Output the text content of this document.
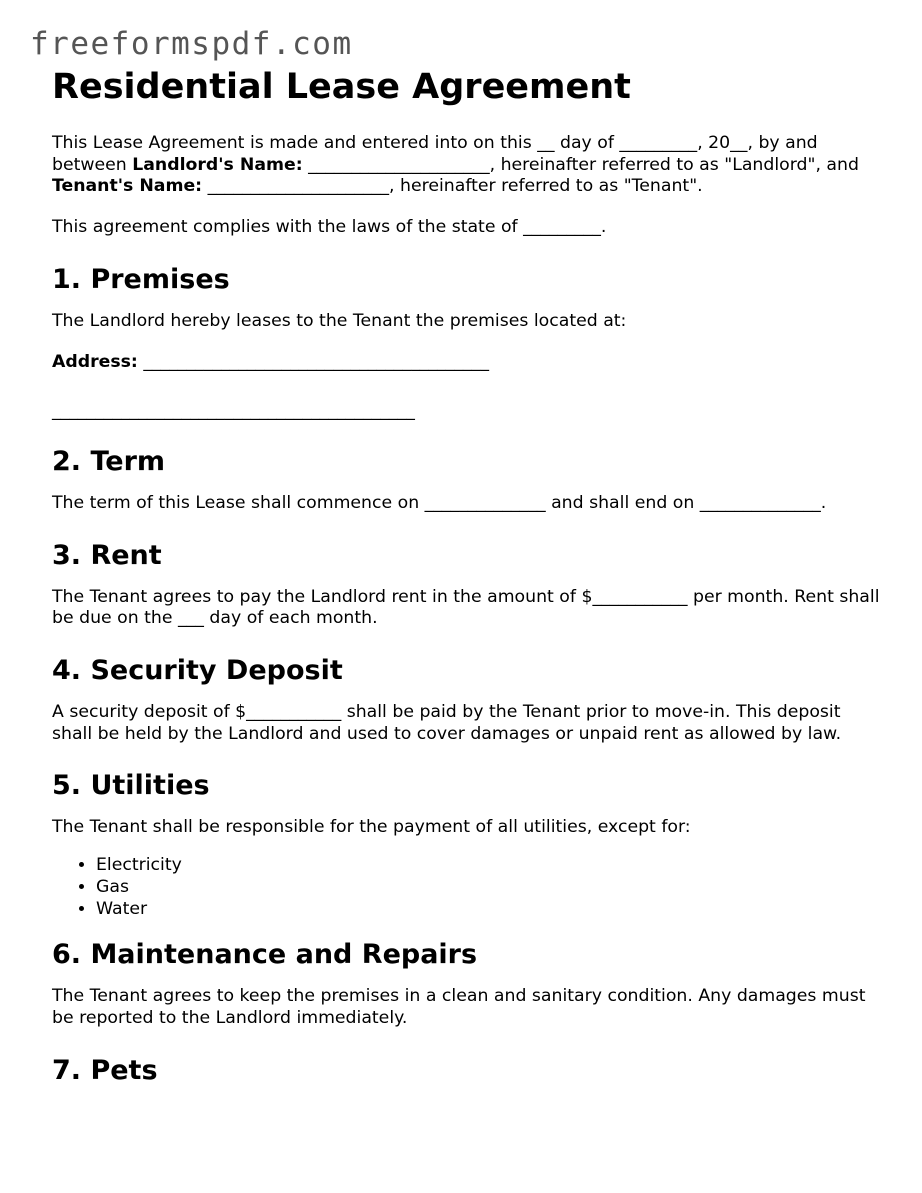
freeformspdf.com
Residential Lease Agreement

This Lease Agreement is made and entered into on this __ day of _________, 20__, by and between Landlord's Name: _____________________, hereinafter referred to as "Landlord", and Tenant's Name: _____________________, hereinafter referred to as "Tenant".

This agreement complies with the laws of the state of _________.

1. Premises

The Landlord hereby leases to the Tenant the premises located at:

Address: ________________________________________

__________________________________________

2. Term

The term of this Lease shall commence on ______________ and shall end on ______________.

3. Rent

The Tenant agrees to pay the Landlord rent in the amount of $___________ per month. Rent shall be due on the ___ day of each month.

4. Security Deposit

A security deposit of $___________ shall be paid by the Tenant prior to move-in. This deposit shall be held by the Landlord and used to cover damages or unpaid rent as allowed by law.

5. Utilities

The Tenant shall be responsible for the payment of all utilities, except for:

• Electricity
• Gas
• Water
6. Maintenance and Repairs

The Tenant agrees to keep the premises in a clean and sanitary condition. Any damages must be reported to the Landlord immediately.

7. Pets
